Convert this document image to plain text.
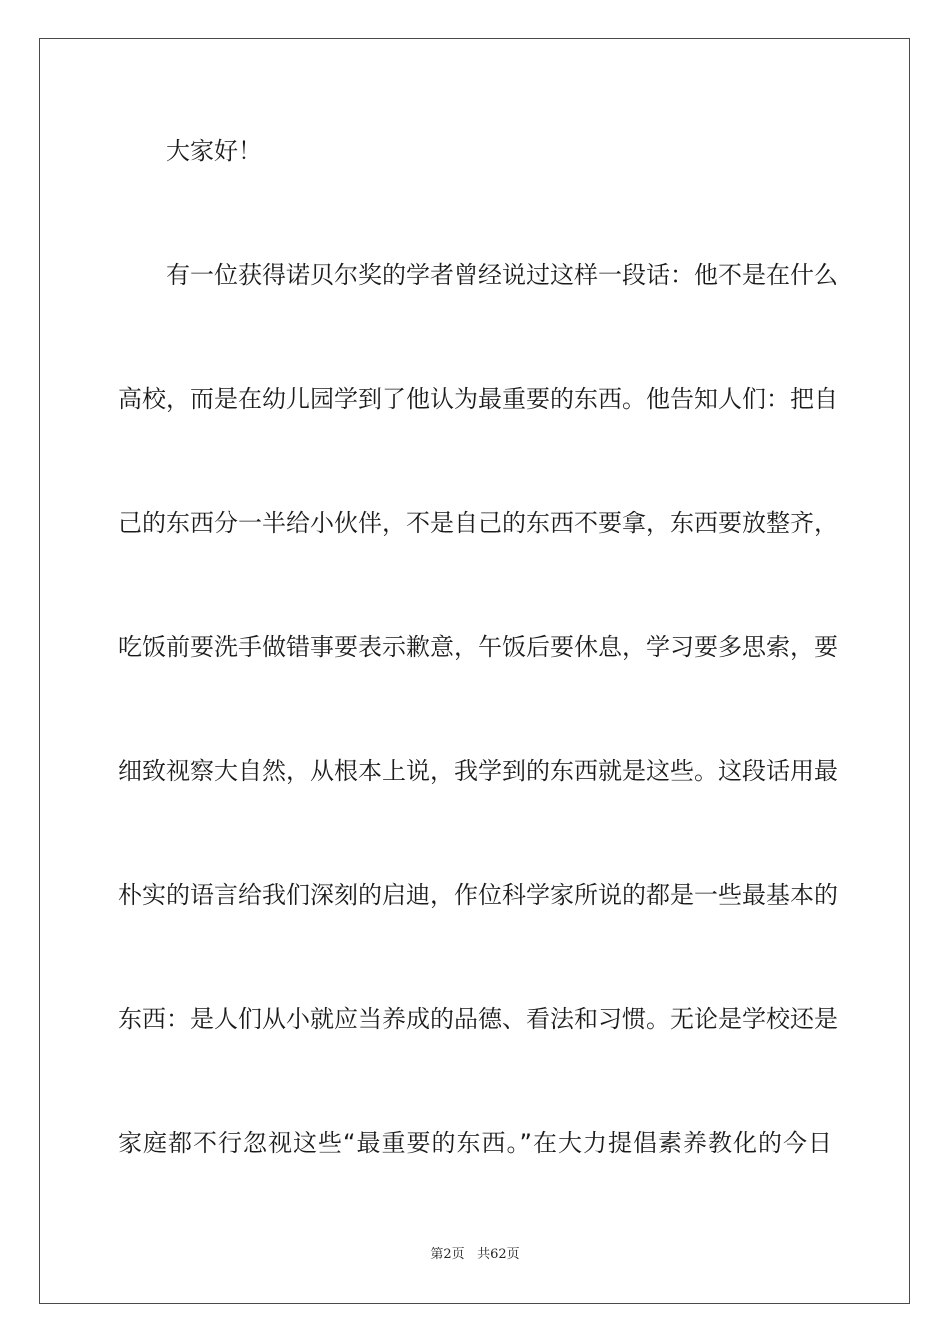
大家好！
有一位获得诺贝尔奖的学者曾经说过这样一段话：他不是在什么
高校，而是在幼儿园学到了他认为最重要的东西。他告知人们：把自
己的东西分一半给小伙伴，不是自己的东西不要拿，东西要放整齐，
吃饭前要洗手做错事要表示歉意，午饭后要休息，学习要多思索，要
细致视察大自然，从根本上说，我学到的东西就是这些。这段话用最
朴实的语言给我们深刻的启迪，作位科学家所说的都是一些最基本的
东西：是人们从小就应当养成的品德、看法和习惯。无论是学校还是
家庭都不行忽视这些“最重要的东西。”在大力提倡素养教化的今日
第2页 共62页
